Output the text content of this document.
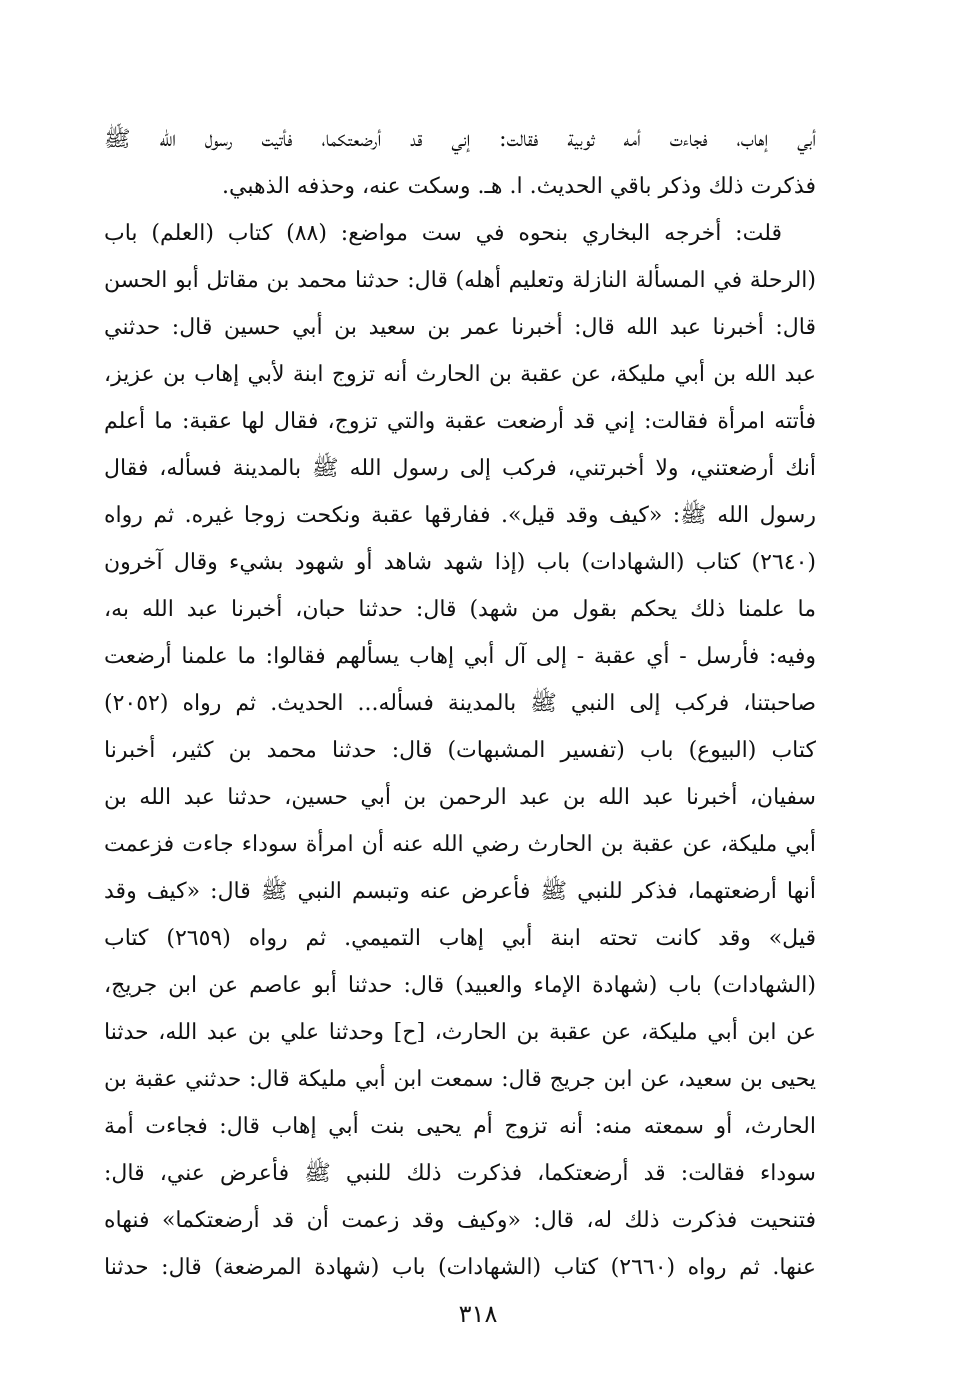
أبي إهاب، فجاءت أمه ثوبية فقالت: إني قد أرضعتكما، فأتيت رسول الله ﷺ
فذكرت ذلك وذكر باقي الحديث. ا. هـ. وسكت عنه، وحذفه الذهبي.
قلت: أخرجه البخاري بنحوه في ست مواضع: (٨٨) كتاب (العلم) باب
(الرحلة في المسألة النازلة وتعليم أهله) قال: حدثنا محمد بن مقاتل أبو الحسن
قال: أخبرنا عبد الله قال: أخبرنا عمر بن سعيد بن أبي حسين قال: حدثني
عبد الله بن أبي مليكة، عن عقبة بن الحارث أنه تزوج ابنة لأبي إهاب بن عزيز،
فأتته امرأة فقالت: إني قد أرضعت عقبة والتي تزوج، فقال لها عقبة: ما أعلم
أنك أرضعتني، ولا أخبرتني، فركب إلى رسول الله ﷺ بالمدينة فسأله، فقال
رسول الله ﷺ: «كيف وقد قيل». ففارقها عقبة ونكحت زوجا غيره. ثم رواه
(٢٦٤٠) كتاب (الشهادات) باب (إذا شهد شاهد أو شهود بشيء وقال آخرون
ما علمنا ذلك يحكم بقول من شهد) قال: حدثنا حبان، أخبرنا عبد الله به،
وفيه: فأرسل - أي عقبة - إلى آل أبي إهاب يسألهم فقالوا: ما علمنا أرضعت
صاحبتنا، فركب إلى النبي ﷺ بالمدينة فسأله... الحديث. ثم رواه (٢٠٥٢)
كتاب (البيوع) باب (تفسير المشبهات) قال: حدثنا محمد بن كثير، أخبرنا
سفيان، أخبرنا عبد الله بن عبد الرحمن بن أبي حسين، حدثنا عبد الله بن
أبي مليكة، عن عقبة بن الحارث رضي الله عنه أن امرأة سوداء جاءت فزعمت
أنها أرضعتهما، فذكر للنبي ﷺ فأعرض عنه وتبسم النبي ﷺ قال: «كيف وقد
قيل» وقد كانت تحته ابنة أبي إهاب التميمي. ثم رواه (٢٦٥٩) كتاب
(الشهادات) باب (شهادة الإماء والعبيد) قال: حدثنا أبو عاصم عن ابن جريج،
عن ابن أبي مليكة، عن عقبة بن الحارث، [ح] وحدثنا علي بن عبد الله، حدثنا
يحيى بن سعيد، عن ابن جريج قال: سمعت ابن أبي مليكة قال: حدثني عقبة بن
الحارث، أو سمعته منه: أنه تزوج أم يحيى بنت أبي إهاب قال: فجاءت أمة
سوداء فقالت: قد أرضعتكما، فذكرت ذلك للنبي ﷺ فأعرض عني، قال:
فتنحيت فذكرت ذلك له، قال: «وكيف وقد زعمت أن قد أرضعتكما» فنهاه
عنها. ثم رواه (٢٦٦٠) كتاب (الشهادات) باب (شهادة المرضعة) قال: حدثنا
٣١٨
